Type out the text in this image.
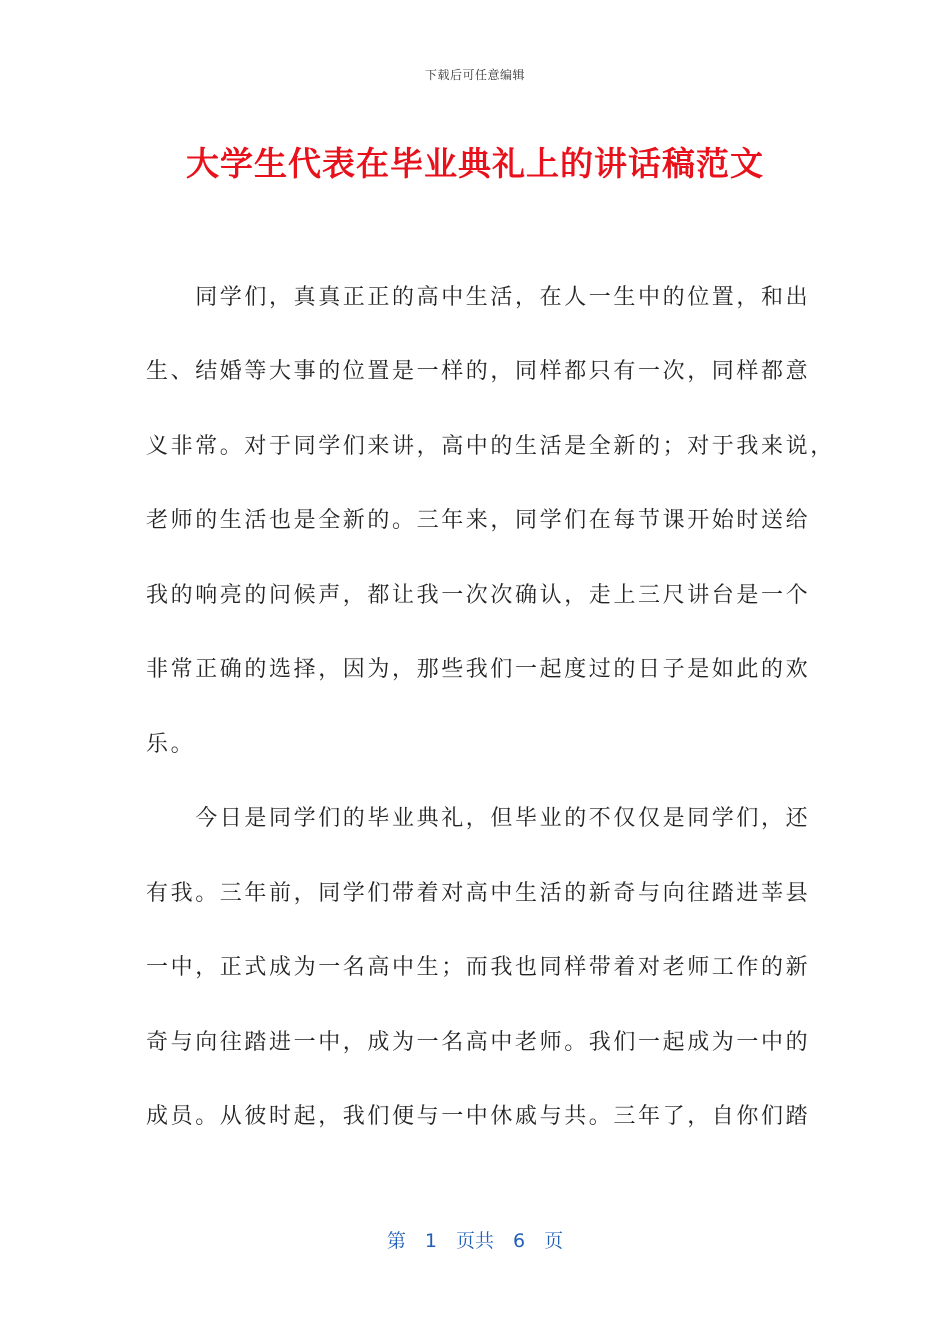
下载后可任意编辑
大学生代表在毕业典礼上的讲话稿范文
　　同学们，真真正正的高中生活，在人一生中的位置，和出
生、结婚等大事的位置是一样的，同样都只有一次，同样都意
义非常。对于同学们来讲，高中的生活是全新的；对于我来说，
老师的生活也是全新的。三年来，同学们在每节课开始时送给
我的响亮的问候声，都让我一次次确认，走上三尺讲台是一个
非常正确的选择，因为，那些我们一起度过的日子是如此的欢
乐。
　　今日是同学们的毕业典礼，但毕业的不仅仅是同学们，还
有我。三年前，同学们带着对高中生活的新奇与向往踏进莘县
一中，正式成为一名高中生；而我也同样带着对老师工作的新
奇与向往踏进一中，成为一名高中老师。我们一起成为一中的
成员。从彼时起，我们便与一中休戚与共。三年了，自你们踏
第　1　页共　6　页
